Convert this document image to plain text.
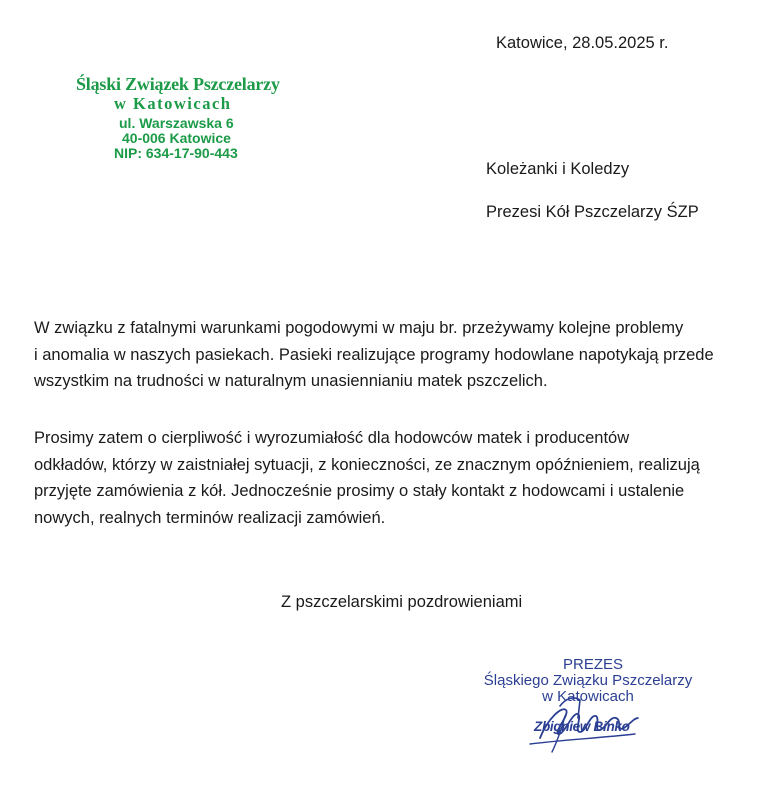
Katowice, 28.05.2025 r.
Śląski Związek Pszczelarzy
w Katowicach
ul. Warszawska 6
40-006 Katowice
NIP: 634-17-90-443
Koleżanki i Koledzy
Prezesi Kół Pszczelarzy ŚZP

W związku z fatalnymi warunkami pogodowymi w maju br. przeżywamy kolejne problemy
i anomalia w naszych pasiekach. Pasieki realizujące programy hodowlane napotykają przede
wszystkim na trudności w naturalnym unasiennianiu matek pszczelich.

Prosimy zatem o cierpliwość i wyrozumiałość dla hodowców matek i producentów
odkładów, którzy w zaistniałej sytuacji, z konieczności, ze znacznym opóźnieniem, realizują
przyjęte zamówienia z kół. Jednocześnie prosimy o stały kontakt z hodowcami i ustalenie
nowych, realnych terminów realizacji zamówień.

Z pszczelarskimi pozdrowieniami
PREZES
Śląskiego Związku Pszczelarzy
w Katowicach
Zbigniew Binko
